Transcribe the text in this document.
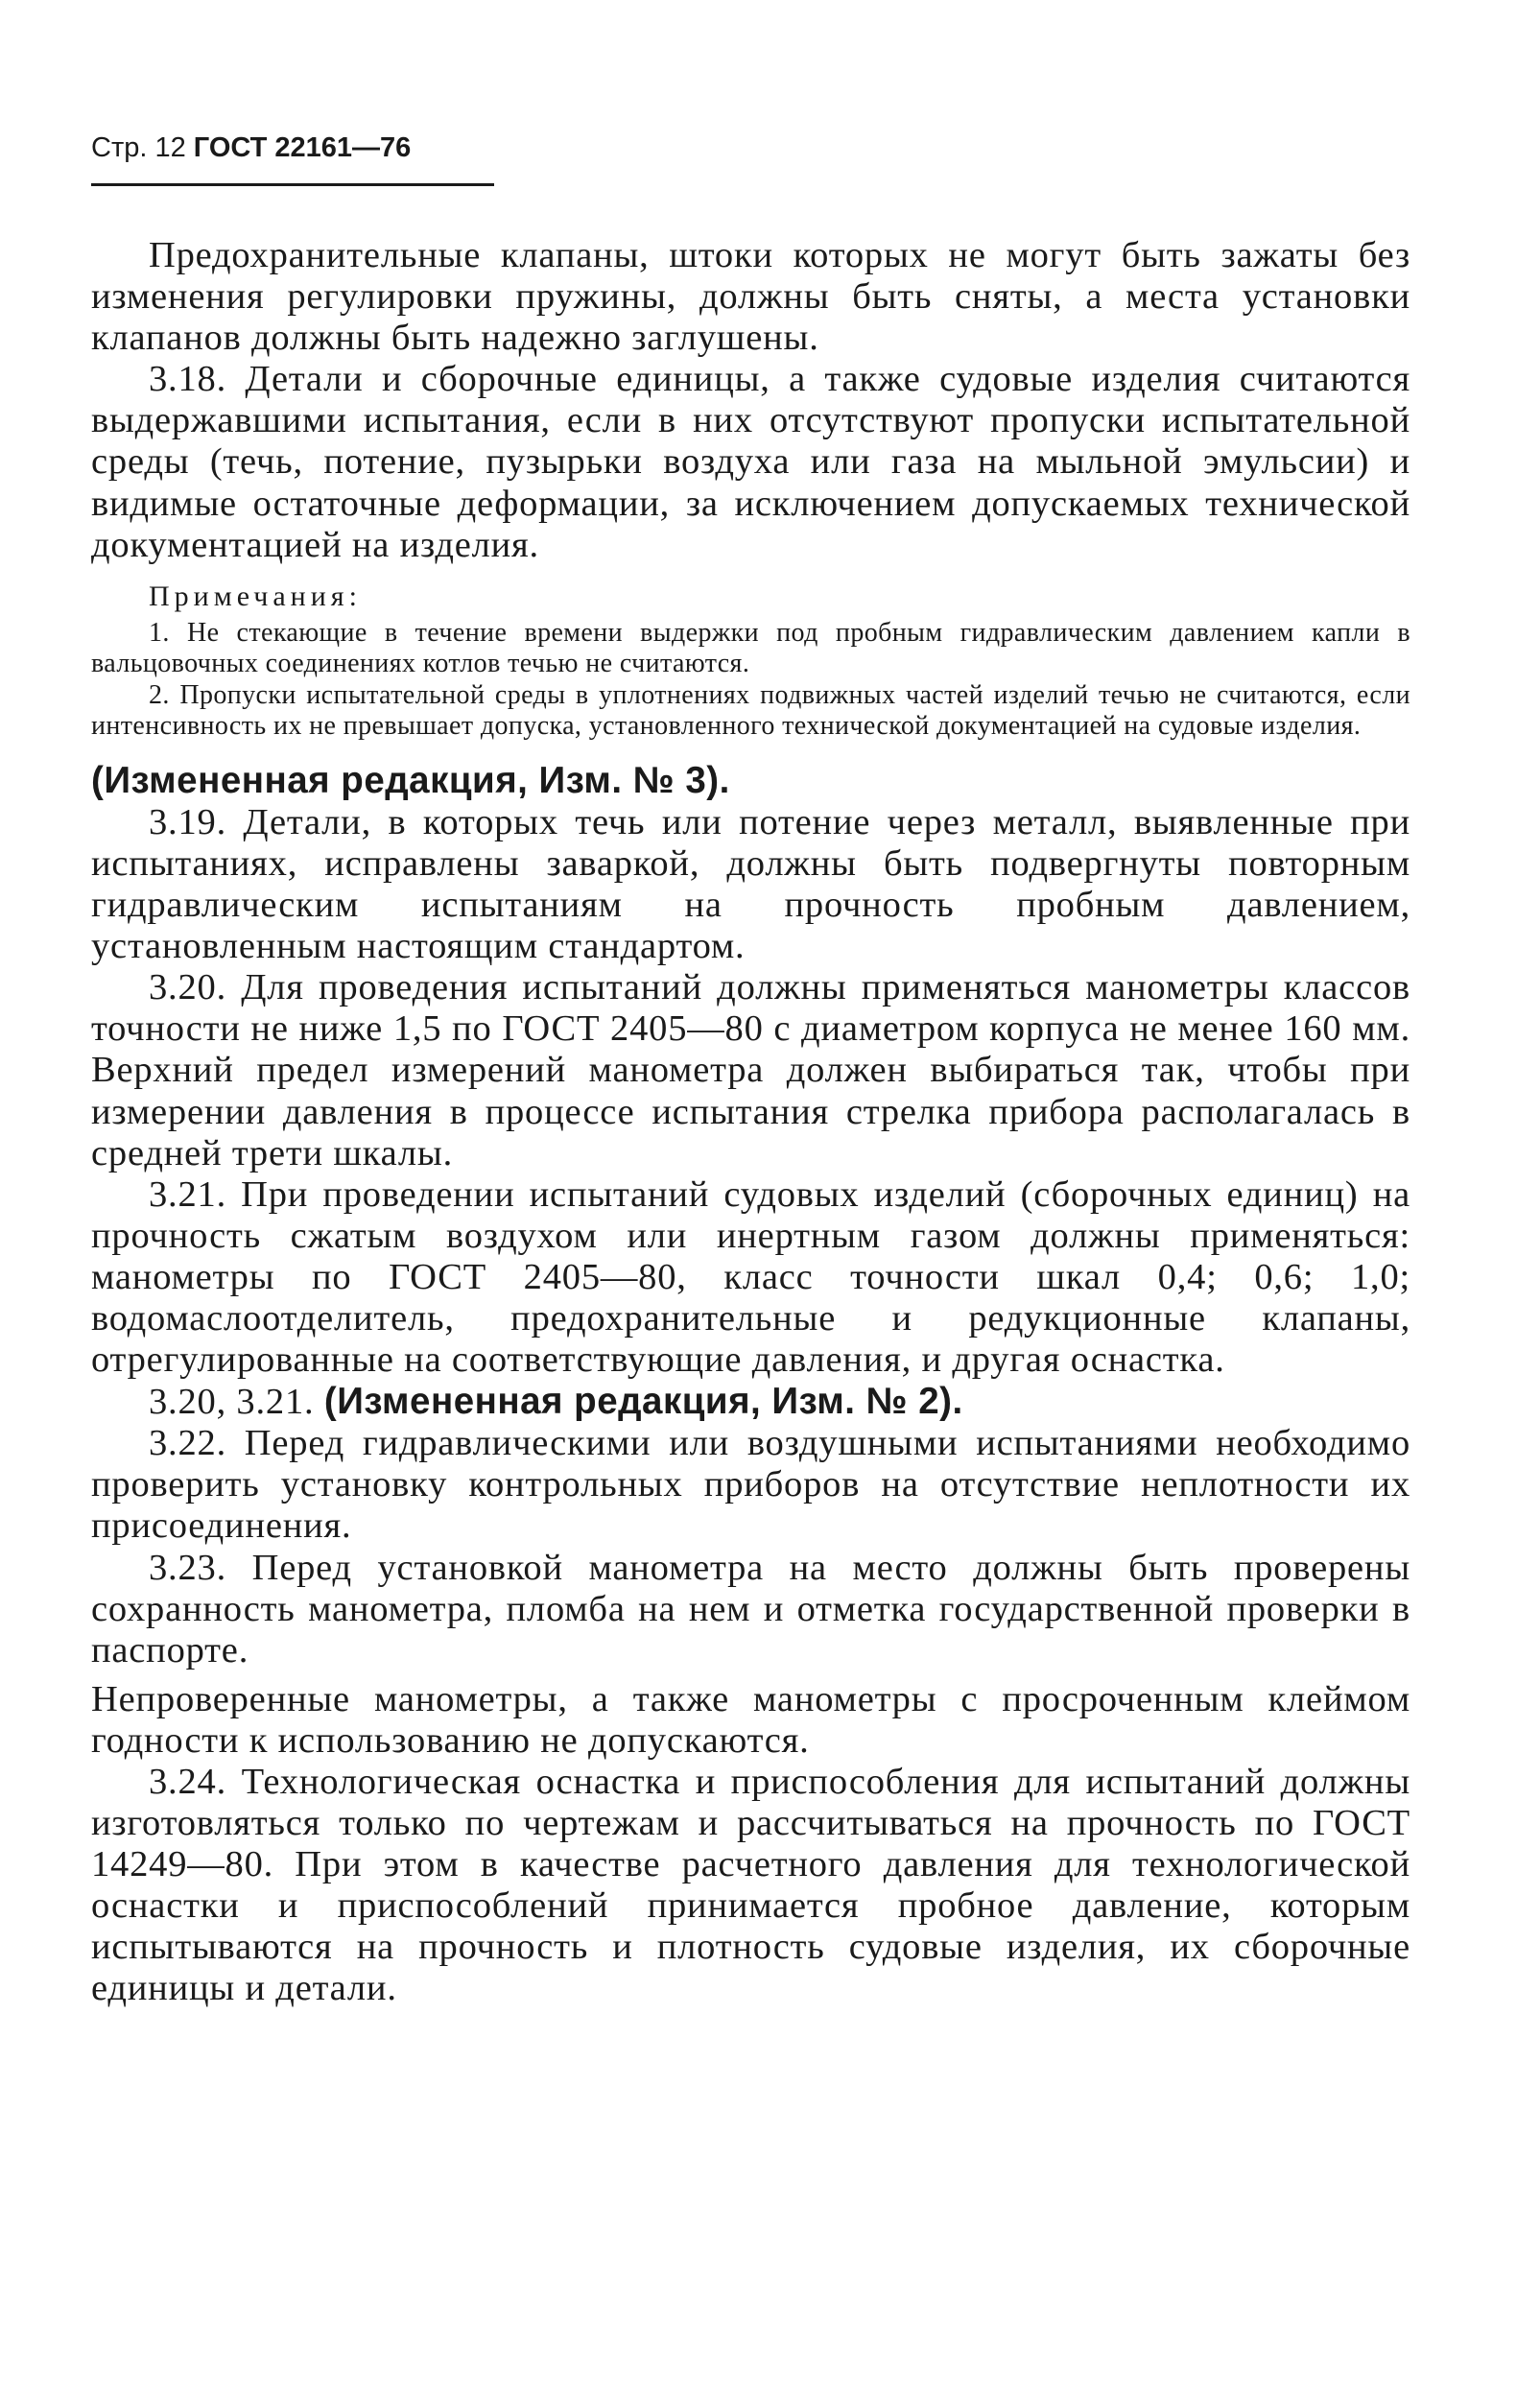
Стр. 12 ГОСТ 22161—76

Предохранительные клапаны, штоки которых не могут быть зажаты без изменения регулировки пружины, должны быть сняты, а места установки клапанов должны быть надежно заглушены.

3.18. Детали и сборочные единицы, а также судовые изделия считаются выдержавшими испытания, если в них отсутствуют пропуски испытательной среды (течь, потение, пузырьки воздуха или газа на мыльной эмульсии) и видимые остаточные деформации, за исключением допускаемых технической документацией на изделия.

Примечания:

1. Не стекающие в течение времени выдержки под пробным гидравлическим давлением капли в вальцовочных соединениях котлов течью не считаются.

2. Пропуски испытательной среды в уплотнениях подвижных частей изделий течью не считаются, если интенсивность их не превышает допуска, установленного технической документацией на судовые изделия.

(Измененная редакция, Изм. № 3).

3.19. Детали, в которых течь или потение через металл, выявленные при испытаниях, исправлены заваркой, должны быть подвергнуты повторным гидравлическим испытаниям на прочность пробным давлением, установленным настоящим стандартом.

3.20. Для проведения испытаний должны применяться манометры классов точности не ниже 1,5 по ГОСТ 2405—80 с диаметром корпуса не менее 160 мм. Верхний предел измерений манометра должен выбираться так, чтобы при измерении давления в процессе испытания стрелка прибора располагалась в средней трети шкалы.

3.21. При проведении испытаний судовых изделий (сборочных единиц) на прочность сжатым воздухом или инертным газом должны применяться: манометры по ГОСТ 2405—80, класс точности шкал 0,4; 0,6; 1,0; водомаслоотделитель, предохранительные и редукционные клапаны, отрегулированные на соответствующие давления, и другая оснастка.

3.20, 3.21. (Измененная редакция, Изм. № 2).

3.22. Перед гидравлическими или воздушными испытаниями необходимо проверить установку контрольных приборов на отсутствие неплотности их присоединения.

3.23. Перед установкой манометра на место должны быть проверены сохранность манометра, пломба на нем и отметка государственной проверки в паспорте.

Непроверенные манометры, а также манометры с просроченным клеймом годности к использованию не допускаются.

3.24. Технологическая оснастка и приспособления для испытаний должны изготовляться только по чертежам и рассчитываться на прочность по ГОСТ 14249—80. При этом в качестве расчетного давления для технологической оснастки и приспособлений принимается пробное давление, которым испытываются на прочность и плотность судовые изделия, их сборочные единицы и детали.
